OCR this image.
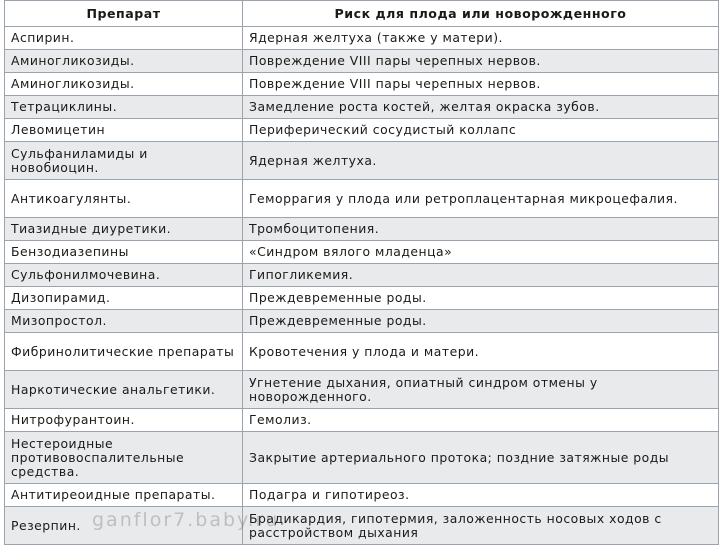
Препарат	Риск для плода или новорожденного
Аспирин.	Ядерная желтуха (также у матери).
Аминогликозиды.	Повреждение VIII пары черепных нервов.
Аминогликозиды.	Повреждение VIII пары черепных нервов.
Тетрациклины.	Замедление роста костей, желтая окраска зубов.
Левомицетин	Периферический сосудистый коллапс
Сульфаниламиды и новобиоцин.	Ядерная желтуха.
Антикоагулянты.	Геморрагия у плода или ретроплацентарная микроцефалия.
Тиазидные диуретики.	Тромбоцитопения.
Бензодиазепины	«Синдром вялого младенца»
Сульфонилмочевина.	Гипогликемия.
Дизопирамид.	Преждевременные роды.
Мизопростол.	Преждевременные роды.
Фибринолитические препараты	Кровотечения у плода и матери.
Наркотические анальгетики.	Угнетение дыхания, опиатный синдром отмены у новорожденного.
Нитрофурантоин.	Гемолиз.
Нестероидные противовоспалительные средства.	Закрытие артериального протока; поздние затяжные роды
Антитиреоидные препараты.	Подагра и гипотиреоз.
Резерпин.	Брадикардия, гипотермия, заложенность носовых ходов с расстройством дыхания
ganflor7.baby.ru
